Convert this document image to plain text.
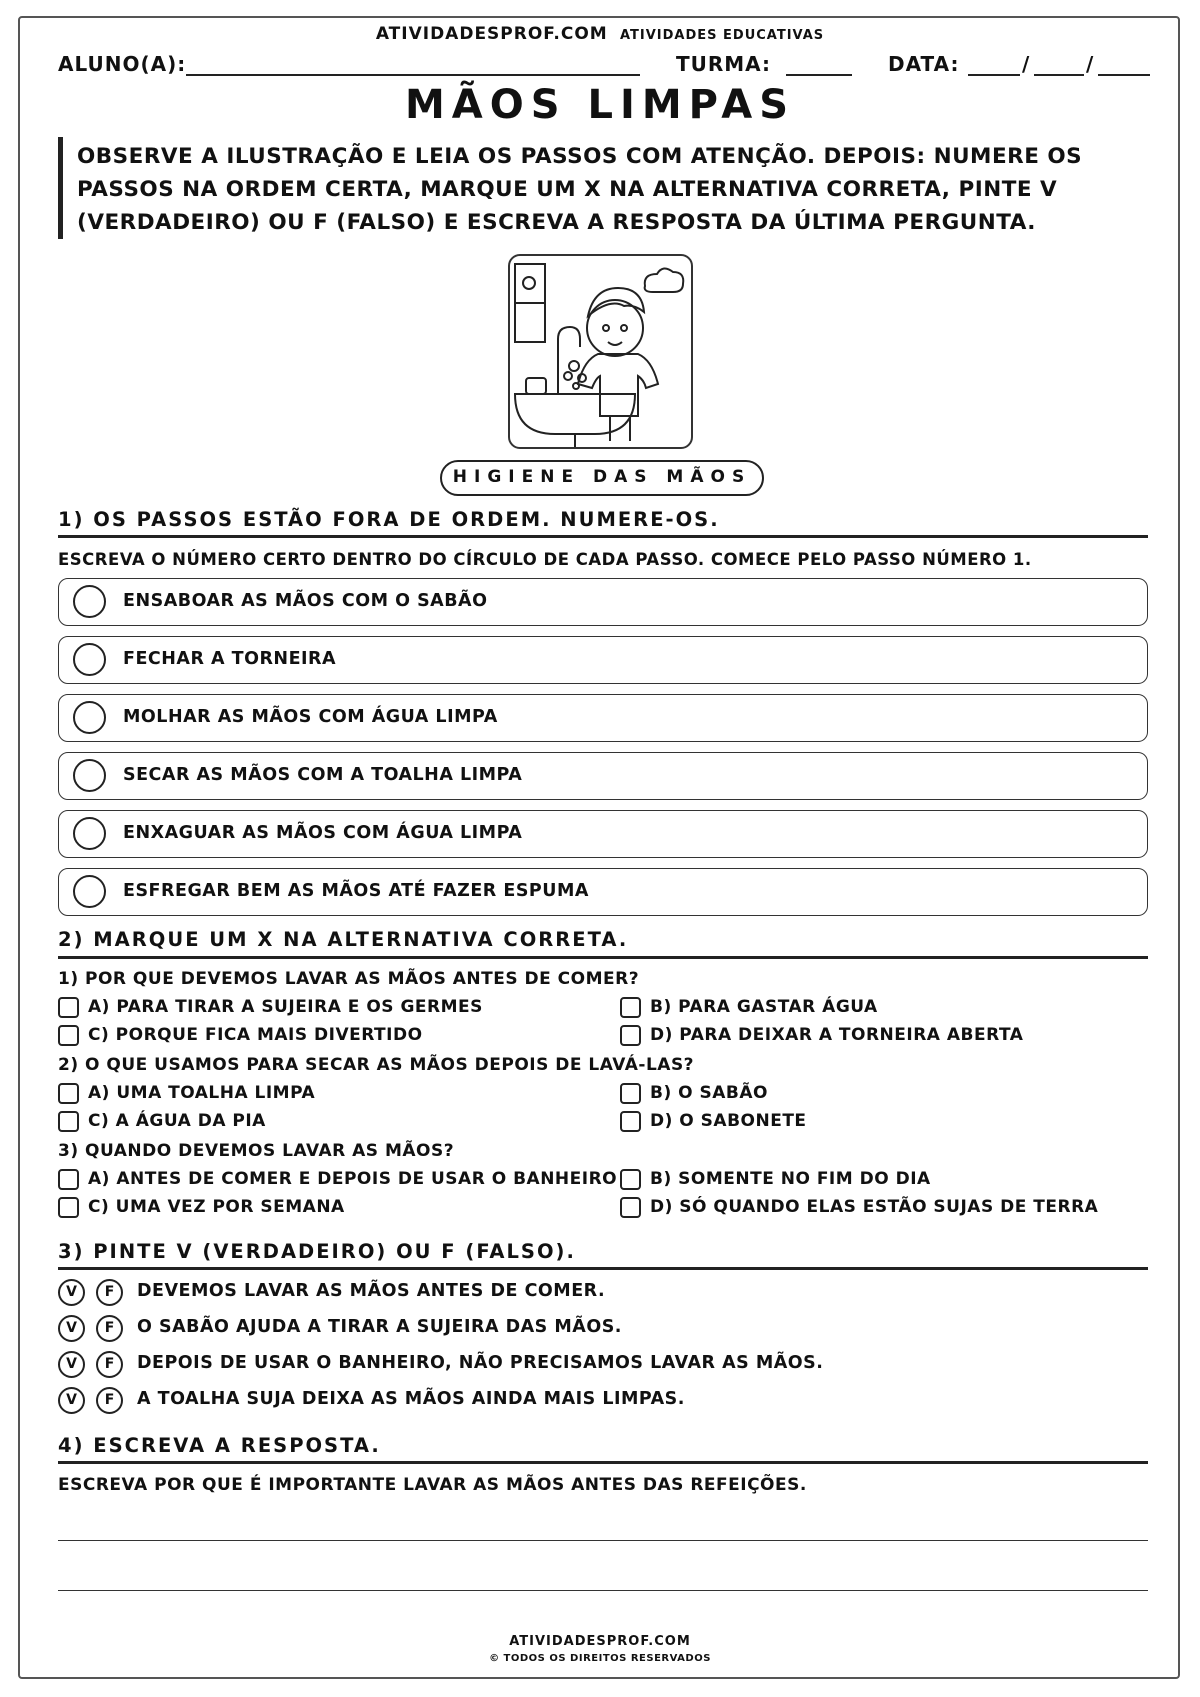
ATIVIDADESPROF.COM ATIVIDADES EDUCATIVAS
ALUNO(A):	TURMA:	DATA:	/	/
MÃOS LIMPAS
OBSERVE A ILUSTRAÇÃO E LEIA OS PASSOS COM ATENÇÃO. DEPOIS: NUMERE OS PASSOS NA ORDEM CERTA, MARQUE UM X NA ALTERNATIVA CORRETA, PINTE V (VERDADEIRO) OU F (FALSO) E ESCREVA A RESPOSTA DA ÚLTIMA PERGUNTA.
HIGIENE DAS MÃOS
1) OS PASSOS ESTÃO FORA DE ORDEM. NUMERE-OS.
ESCREVA O NÚMERO CERTO DENTRO DO CÍRCULO DE CADA PASSO. COMECE PELO PASSO NÚMERO 1.
ENSABOAR AS MÃOS COM O SABÃO
FECHAR A TORNEIRA
MOLHAR AS MÃOS COM ÁGUA LIMPA
SECAR AS MÃOS COM A TOALHA LIMPA
ENXAGUAR AS MÃOS COM ÁGUA LIMPA
ESFREGAR BEM AS MÃOS ATÉ FAZER ESPUMA
2) MARQUE UM X NA ALTERNATIVA CORRETA.
1) POR QUE DEVEMOS LAVAR AS MÃOS ANTES DE COMER?
A) PARA TIRAR A SUJEIRA E OS GERMES	B) PARA GASTAR ÁGUA
C) PORQUE FICA MAIS DIVERTIDO	D) PARA DEIXAR A TORNEIRA ABERTA
2) O QUE USAMOS PARA SECAR AS MÃOS DEPOIS DE LAVÁ-LAS?
A) UMA TOALHA LIMPA	B) O SABÃO
C) A ÁGUA DA PIA	D) O SABONETE
3) QUANDO DEVEMOS LAVAR AS MÃOS?
A) ANTES DE COMER E DEPOIS DE USAR O BANHEIRO B) SOMENTE NO FIM DO DIA
C) UMA VEZ POR SEMANA	D) SÓ QUANDO ELAS ESTÃO SUJAS DE TERRA
3) PINTE V (VERDADEIRO) OU F (FALSO).
V	F	DEVEMOS LAVAR AS MÃOS ANTES DE COMER.
V	F	O SABÃO AJUDA A TIRAR A SUJEIRA DAS MÃOS.
V	F	DEPOIS DE USAR O BANHEIRO, NÃO PRECISAMOS LAVAR AS MÃOS.
V	F	A TOALHA SUJA DEIXA AS MÃOS AINDA MAIS LIMPAS.
4) ESCREVA A RESPOSTA.
ESCREVA POR QUE É IMPORTANTE LAVAR AS MÃOS ANTES DAS REFEIÇÕES.
ATIVIDADESPROF.COM
© TODOS OS DIREITOS RESERVADOS
